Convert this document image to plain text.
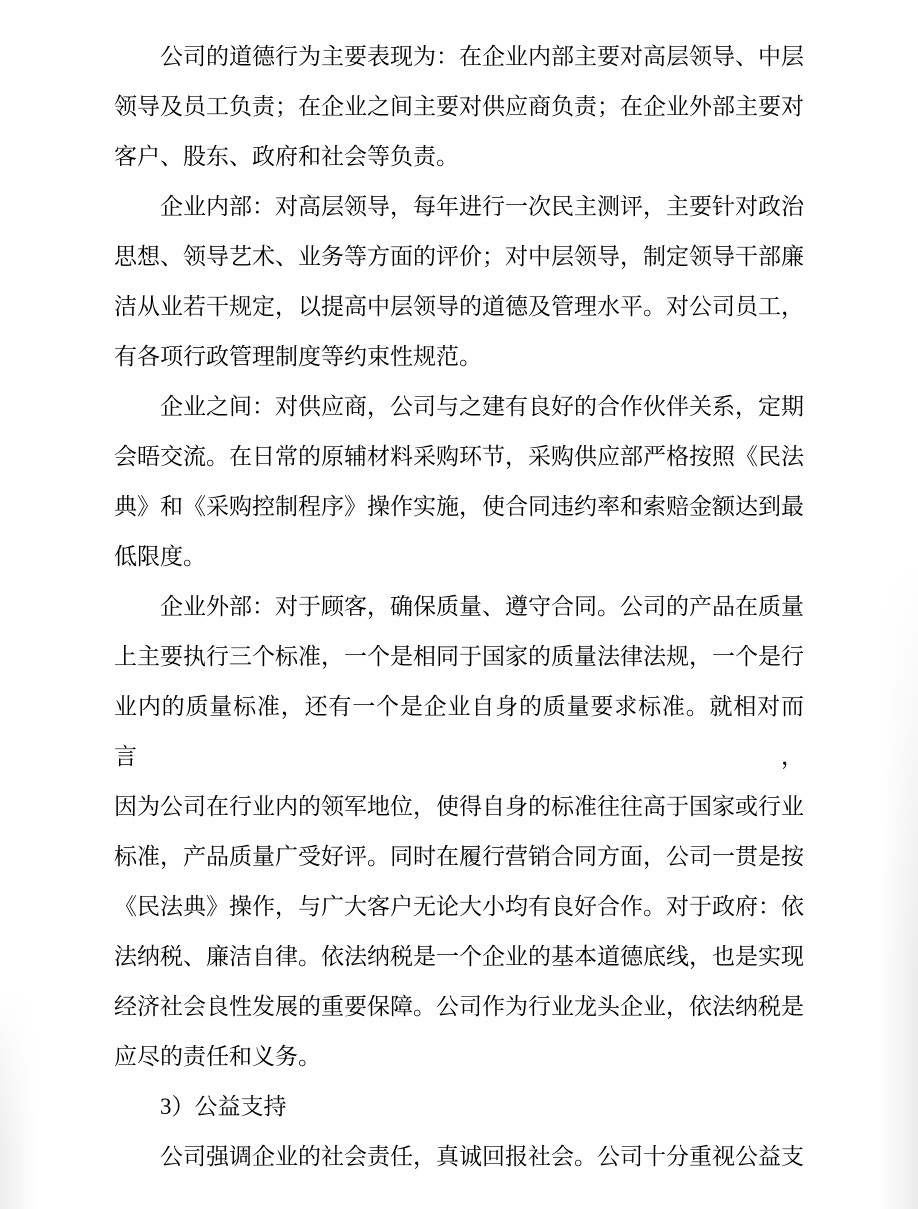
公司的道德行为主要表现为：在企业内部主要对高层领导、中层
领导及员工负责；在企业之间主要对供应商负责；在企业外部主要对
客户、股东、政府和社会等负责。
企业内部：对高层领导，每年进行一次民主测评，主要针对政治
思想、领导艺术、业务等方面的评价；对中层领导，制定领导干部廉
洁从业若干规定，以提高中层领导的道德及管理水平。对公司员工，
有各项行政管理制度等约束性规范。
企业之间：对供应商，公司与之建有良好的合作伙伴关系，定期
会晤交流。在日常的原辅材料采购环节，采购供应部严格按照《民法
典》和《采购控制程序》操作实施，使合同违约率和索赔金额达到最
低限度。
企业外部：对于顾客，确保质量、遵守合同。公司的产品在质量
上主要执行三个标准，一个是相同于国家的质量法律法规，一个是行
业内的质量标准，还有一个是企业自身的质量要求标准。就相对而言，
因为公司在行业内的领军地位，使得自身的标准往往高于国家或行业
标准，产品质量广受好评。同时在履行营销合同方面，公司一贯是按
《民法典》操作，与广大客户无论大小均有良好合作。对于政府：依
法纳税、廉洁自律。依法纳税是一个企业的基本道德底线，也是实现
经济社会良性发展的重要保障。公司作为行业龙头企业，依法纳税是
应尽的责任和义务。
3）公益支持
公司强调企业的社会责任，真诚回报社会。公司十分重视公益支
